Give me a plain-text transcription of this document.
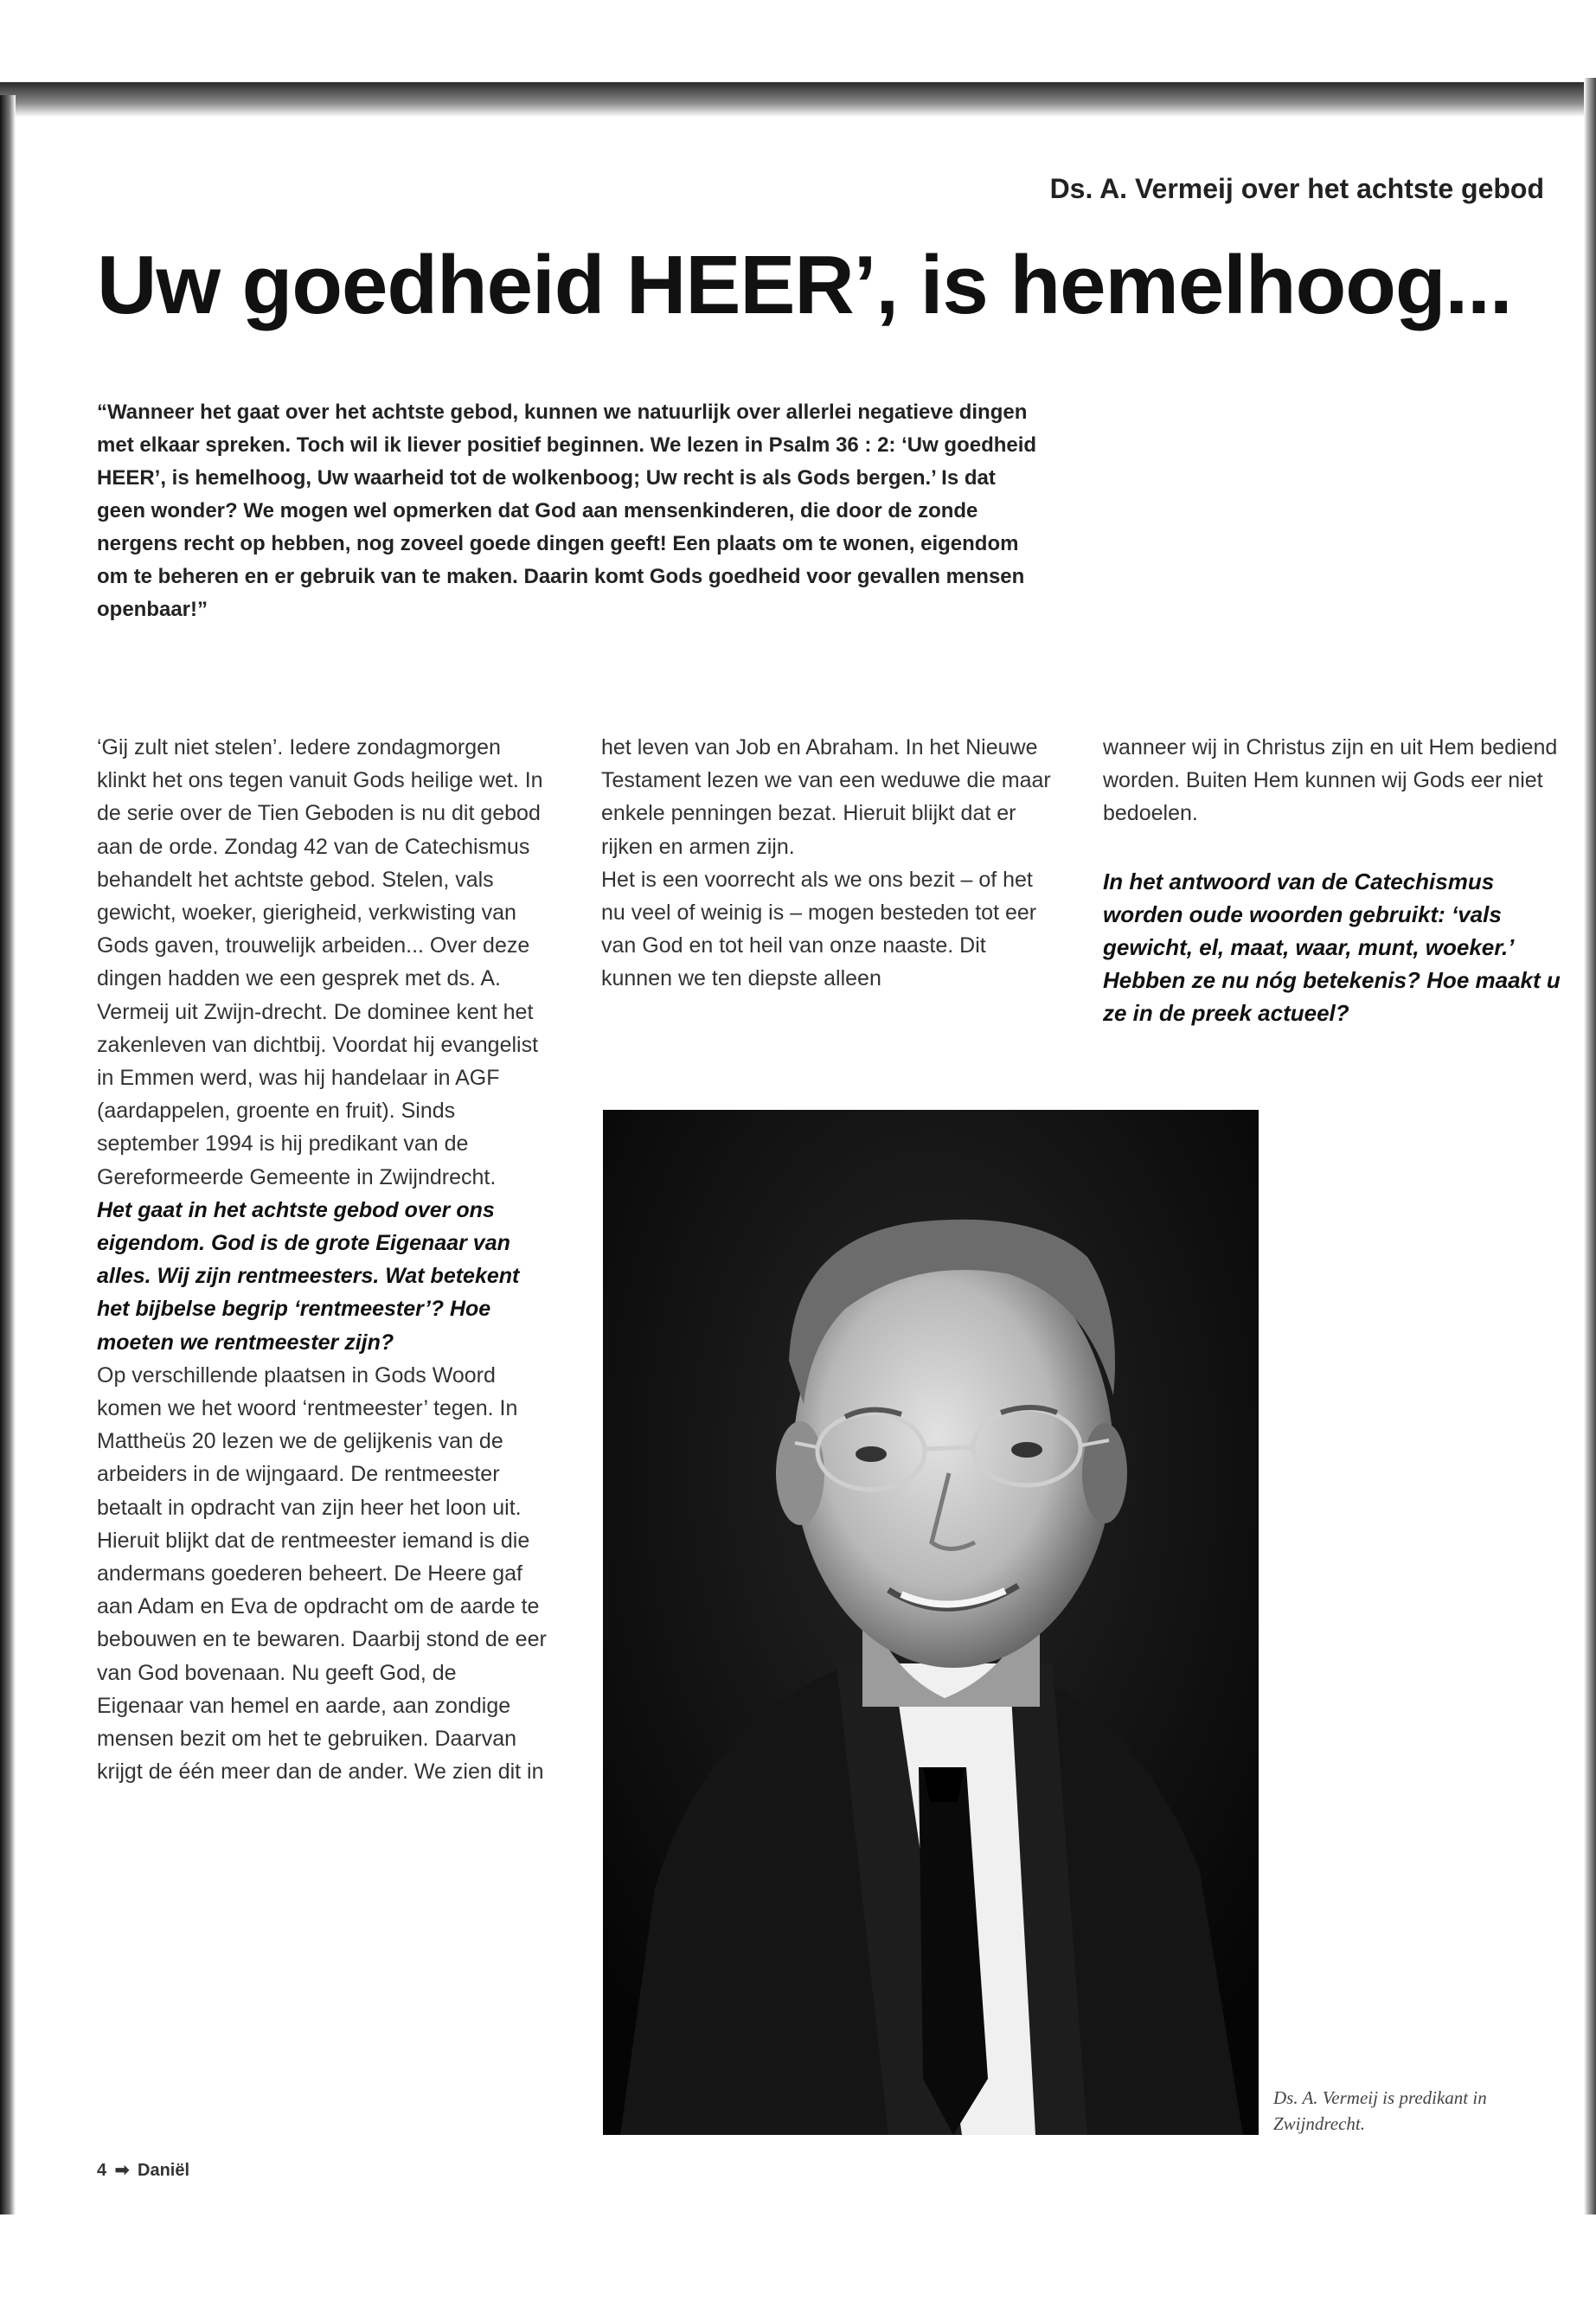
Ds. A. Vermeij over het achtste gebod
Uw goedheid HEER’, is hemelhoog...
“Wanneer het gaat over het achtste gebod, kunnen we natuurlijk over allerlei negatieve dingen met elkaar spreken. Toch wil ik liever positief beginnen. We lezen in Psalm 36 : 2: ‘Uw goedheid HEER’, is hemelhoog, Uw waarheid tot de wolkenboog; Uw recht is als Gods bergen.’ Is dat geen wonder? We mogen wel opmerken dat God aan mensenkinderen, die door de zonde nergens recht op hebben, nog zoveel goede dingen geeft! Een plaats om te wonen, eigendom om te beheren en er gebruik van te maken. Daarin komt Gods goedheid voor gevallen mensen openbaar!”

‘Gij zult niet stelen’. Iedere zondagmorgen klinkt het ons tegen vanuit Gods heilige wet. In de serie over de Tien Geboden is nu dit gebod aan de orde. Zondag 42 van de Catechismus behandelt het achtste gebod. Stelen, vals gewicht, woeker, gierigheid, verkwisting van Gods gaven, trouwelijk arbeiden... Over deze dingen hadden we een gesprek met ds. A. Vermeij uit Zwijn-drecht. De dominee kent het zakenleven van dichtbij. Voordat hij evangelist in Emmen werd, was hij handelaar in AGF (aardappelen, groente en fruit). Sinds september 1994 is hij predikant van de Gereformeerde Gemeente in Zwijndrecht.

Het gaat in het achtste gebod over ons eigendom. God is de grote Eigenaar van alles. Wij zijn rentmeesters. Wat betekent het bijbelse begrip ‘rentmeester’? Hoe moeten we rentmeester zijn?

Op verschillende plaatsen in Gods Woord komen we het woord ‘rentmeester’ tegen. In Mattheüs 20 lezen we de gelijkenis van de arbeiders in de wijngaard. De rentmeester betaalt in opdracht van zijn heer het loon uit. Hieruit blijkt dat de rentmeester iemand is die andermans goederen beheert. De Heere gaf aan Adam en Eva de opdracht om de aarde te bebouwen en te bewaren. Daarbij stond de eer van God bovenaan. Nu geeft God, de Eigenaar van hemel en aarde, aan zondige mensen bezit om het te gebruiken. Daarvan krijgt de één meer dan de ander. We zien dit in

het leven van Job en Abraham. In het Nieuwe Testament lezen we van een weduwe die maar enkele penningen bezat. Hieruit blijkt dat er rijken en armen zijn.

Het is een voorrecht als we ons bezit – of het nu veel of weinig is – mogen besteden tot eer van God en tot heil van onze naaste. Dit kunnen we ten diepste alleen

wanneer wij in Christus zijn en uit Hem bediend worden. Buiten Hem kunnen wij Gods eer niet bedoelen.

In het antwoord van de Catechismus worden oude woorden gebruikt: ‘vals gewicht, el, maat, waar, munt, woeker.’ Hebben ze nu nóg betekenis? Hoe maakt u ze in de preek actueel?

Ds. A. Vermeij is predikant in Zwijndrecht.
4 ➡ Daniël
